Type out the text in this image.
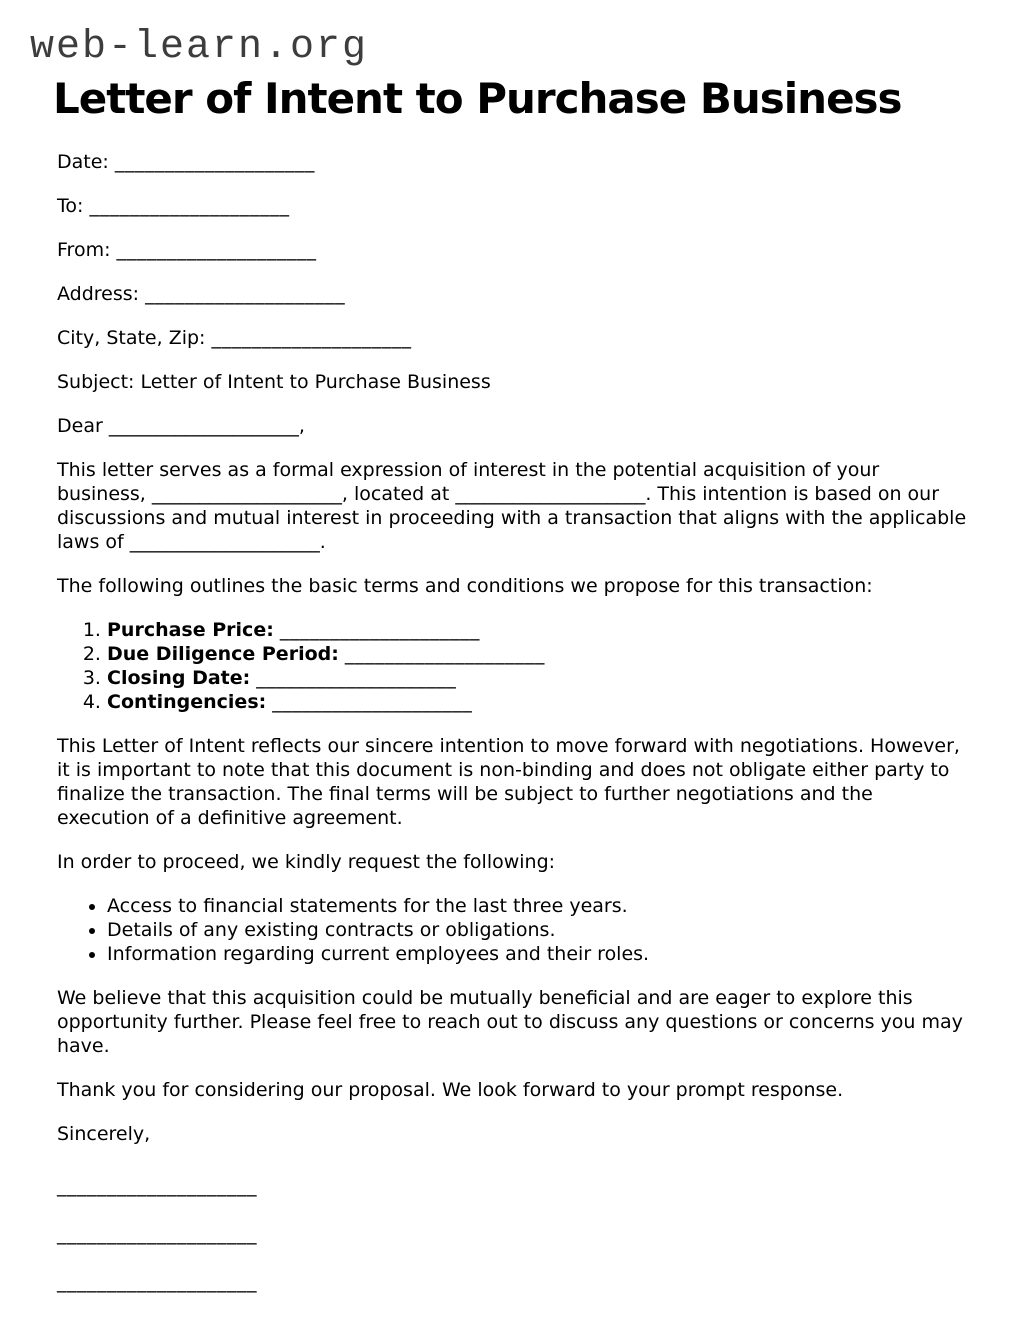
web-learn.org
Letter of Intent to Purchase Business
Date: ____________________
To: ____________________
From: ____________________
Address: ____________________
City, State, Zip: ____________________
Subject: Letter of Intent to Purchase Business
Dear ____________________,
This letter serves as a formal expression of interest in the potential acquisition of your business, ____________________, located at ____________________. This intention is based on our discussions and mutual interest in proceeding with a transaction that aligns with the applicable laws of ____________________.
The following outlines the basic terms and conditions we propose for this transaction:
1. Purchase Price: ____________________
2. Due Diligence Period: ____________________
3. Closing Date: ____________________
4. Contingencies: ____________________
This Letter of Intent reflects our sincere intention to move forward with negotiations. However, it is important to note that this document is non-binding and does not obligate either party to finalize the transaction. The final terms will be subject to further negotiations and the execution of a definitive agreement.
In order to proceed, we kindly request the following:
• Access to financial statements for the last three years.
• Details of any existing contracts or obligations.
• Information regarding current employees and their roles.
We believe that this acquisition could be mutually beneficial and are eager to explore this opportunity further. Please feel free to reach out to discuss any questions or concerns you may have.
Thank you for considering our proposal. We look forward to your prompt response.
Sincerely,
____________________
____________________
____________________
